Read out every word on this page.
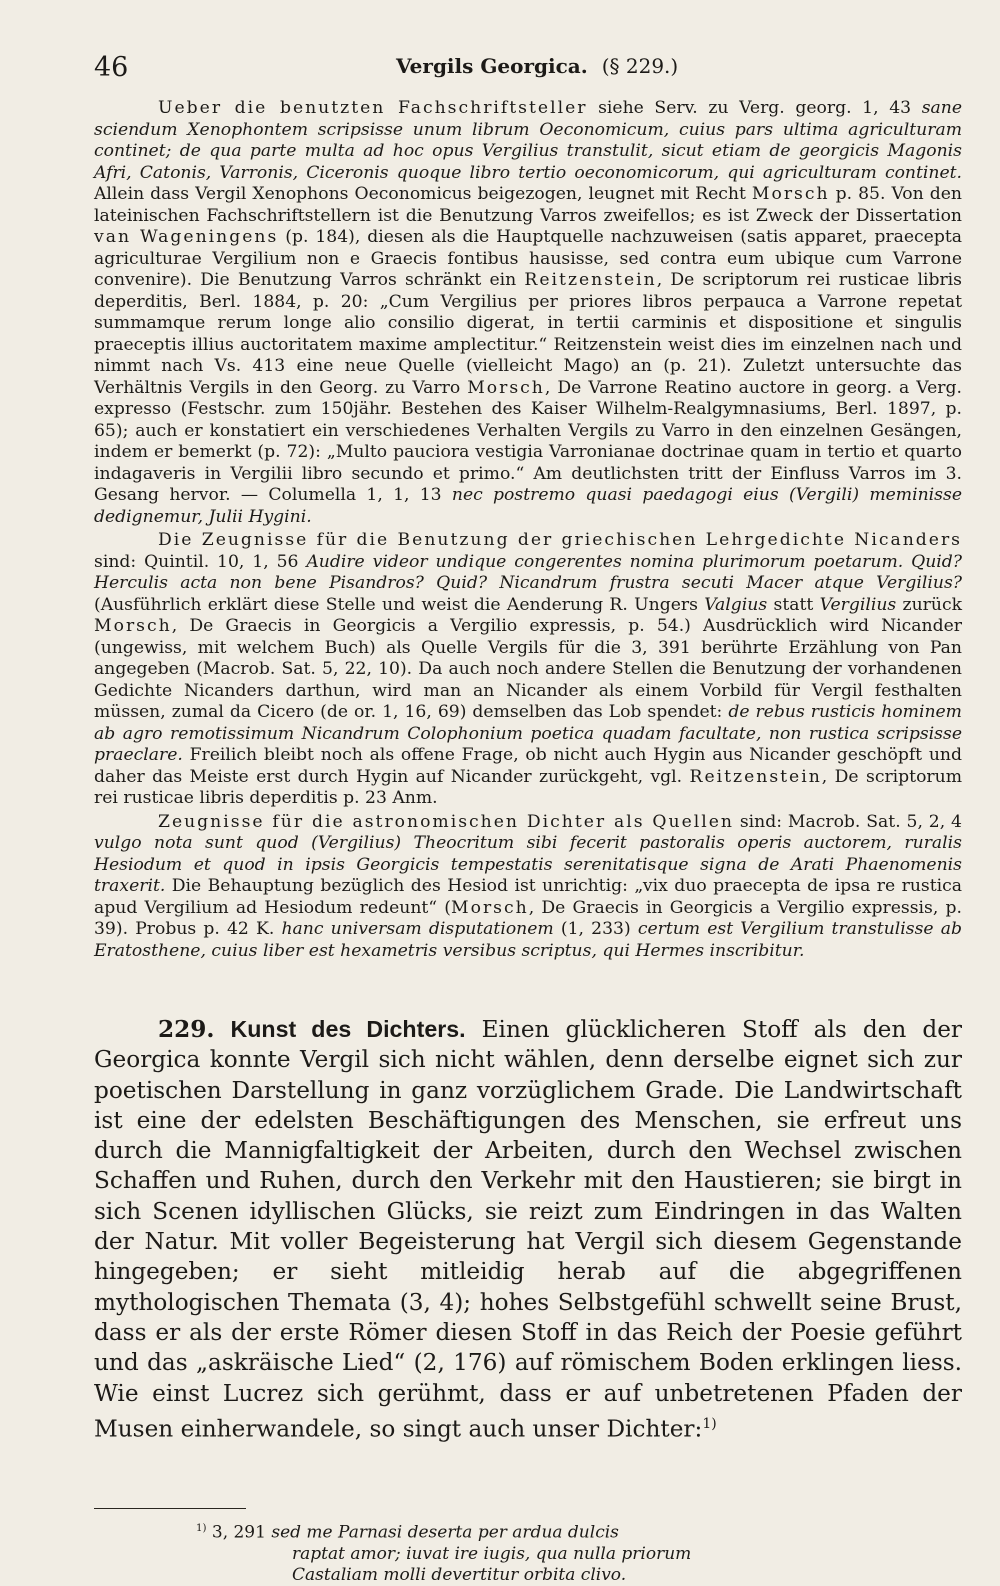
46	Vergils Georgica. (§ 229.)

Ueber die benutzten Fachschriftsteller siehe Serv. zu Verg. georg. 1, 43 sane sciendum Xenophontem scripsisse unum librum Oeconomicum, cuius pars ultima agriculturam continet; de qua parte multa ad hoc opus Vergilius transtulit, sicut etiam de georgicis Magonis Afri, Catonis, Varronis, Ciceronis quoque libro tertio oeconomicorum, qui agriculturam continet. Allein dass Vergil Xenophons Oeconomicus beigezogen, leugnet mit Recht Morsch p. 85. Von den lateinischen Fachschriftstellern ist die Benutzung Varros zweifellos; es ist Zweck der Dissertation van Wageningens (p. 184), diesen als die Hauptquelle nachzuweisen (satis apparet, praecepta agriculturae Vergilium non e Graecis fontibus hausisse, sed contra eum ubique cum Varrone convenire). Die Benutzung Varros schränkt ein Reitzenstein, De scriptorum rei rusticae libris deperditis, Berl. 1884, p. 20: „Cum Vergilius per priores libros perpauca a Varrone repetat summamque rerum longe alio consilio digerat, in tertii carminis et dispositione et singulis praeceptis illius auctoritatem maxime amplectitur.“ Reitzenstein weist dies im einzelnen nach und nimmt nach Vs. 413 eine neue Quelle (vielleicht Mago) an (p. 21). Zuletzt untersuchte das Verhältnis Vergils in den Georg. zu Varro Morsch, De Varrone Reatino auctore in georg. a Verg. expresso (Festschr. zum 150jähr. Bestehen des Kaiser Wilhelm-Realgymnasiums, Berl. 1897, p. 65); auch er konstatiert ein verschiedenes Verhalten Vergils zu Varro in den einzelnen Gesängen, indem er bemerkt (p. 72): „Multo pauciora vestigia Varronianae doctrinae quam in tertio et quarto indagaveris in Vergilii libro secundo et primo.“ Am deutlichsten tritt der Einfluss Varros im 3. Gesang hervor. — Columella 1, 1, 13 nec postremo quasi paedagogi eius (Vergili) meminisse dedignemur, Julii Hygini.

Die Zeugnisse für die Benutzung der griechischen Lehrgedichte Nicanders sind: Quintil. 10, 1, 56 Audire videor undique congerentes nomina plurimorum poetarum. Quid? Herculis acta non bene Pisandros? Quid? Nicandrum frustra secuti Macer atque Vergilius? (Ausführlich erklärt diese Stelle und weist die Aenderung R. Ungers Valgius statt Vergilius zurück Morsch, De Graecis in Georgicis a Vergilio expressis, p. 54.) Ausdrücklich wird Nicander (ungewiss, mit welchem Buch) als Quelle Vergils für die 3, 391 berührte Erzählung von Pan angegeben (Macrob. Sat. 5, 22, 10). Da auch noch andere Stellen die Benutzung der vorhandenen Gedichte Nicanders darthun, wird man an Nicander als einem Vorbild für Vergil festhalten müssen, zumal da Cicero (de or. 1, 16, 69) demselben das Lob spendet: de rebus rusticis hominem ab agro remotissimum Nicandrum Colophonium poetica quadam facultate, non rustica scripsisse praeclare. Freilich bleibt noch als offene Frage, ob nicht auch Hygin aus Nicander geschöpft und daher das Meiste erst durch Hygin auf Nicander zurückgeht, vgl. Reitzenstein, De scriptorum rei rusticae libris deperditis p. 23 Anm.

Zeugnisse für die astronomischen Dichter als Quellen sind: Macrob. Sat. 5, 2, 4 vulgo nota sunt quod (Vergilius) Theocritum sibi fecerit pastoralis operis auctorem, ruralis Hesiodum et quod in ipsis Georgicis tempestatis serenitatisque signa de Arati Phaenomenis traxerit. Die Behauptung bezüglich des Hesiod ist unrichtig: „vix duo praecepta de ipsa re rustica apud Vergilium ad Hesiodum redeunt“ (Morsch, De Graecis in Georgicis a Vergilio expressis, p. 39). Probus p. 42 K. hanc universam disputationem (1, 233) certum est Vergilium transtulisse ab Eratosthene, cuius liber est hexametris versibus scriptus, qui Hermes inscribitur.

229. Kunst des Dichters. Einen glücklicheren Stoff als den der Georgica konnte Vergil sich nicht wählen, denn derselbe eignet sich zur poetischen Darstellung in ganz vorzüglichem Grade. Die Landwirtschaft ist eine der edelsten Beschäftigungen des Menschen, sie erfreut uns durch die Mannigfaltigkeit der Arbeiten, durch den Wechsel zwischen Schaffen und Ruhen, durch den Verkehr mit den Haustieren; sie birgt in sich Scenen idyllischen Glücks, sie reizt zum Eindringen in das Walten der Natur. Mit voller Begeisterung hat Vergil sich diesem Gegenstande hingegeben; er sieht mitleidig herab auf die abgegriffenen mythologischen Themata (3, 4); hohes Selbstgefühl schwellt seine Brust, dass er als der erste Römer diesen Stoff in das Reich der Poesie geführt und das „askräische Lied“ (2, 176) auf römischem Boden erklingen liess. Wie einst Lucrez sich gerühmt, dass er auf unbetretenen Pfaden der Musen einherwandele, so singt auch unser Dichter:$^{1)}$

$^{1)}$ 3, 291 sed me Parnasi deserta per ardua dulcis
raptat amor; iuvat ire iugis, qua nulla priorum
Castaliam molli devertitur orbita clivo.
